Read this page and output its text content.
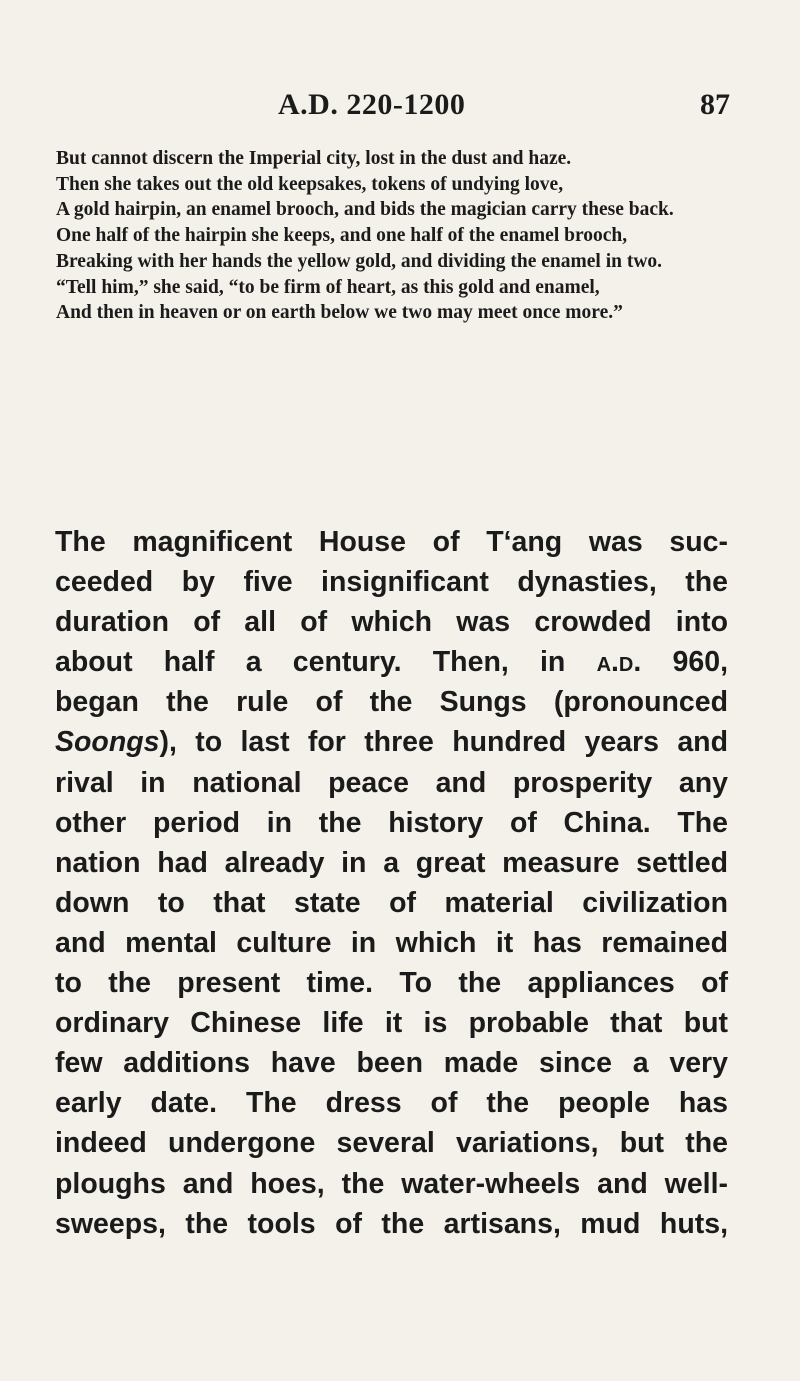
A.D. 220-1200	87

But cannot discern the Imperial city, lost in the dust and haze.

Then she takes out the old keepsakes, tokens of undying love,

A gold hairpin, an enamel brooch, and bids the magician carry these back.

One half of the hairpin she keeps, and one half of the enamel brooch,

Breaking with her hands the yellow gold, and dividing the enamel in two.

“Tell him,” she said, “to be firm of heart, as this gold and enamel,

And then in heaven or on earth below we two may meet once more.”

The magnificent House of T‘ang was suc-
ceeded by five insignificant dynasties, the
duration of all of which was crowded into
about half a century. Then, in a.d. 960,
began the rule of the Sungs (pronounced
Soongs), to last for three hundred years and
rival in national peace and prosperity any
other period in the history of China. The
nation had already in a great measure settled
down to that state of material civilization
and mental culture in which it has remained
to the present time. To the appliances of
ordinary Chinese life it is probable that but
few additions have been made since a very
early date. The dress of the people has
indeed undergone several variations, but the
ploughs and hoes, the water-wheels and well-
sweeps, the tools of the artisans, mud huts,
